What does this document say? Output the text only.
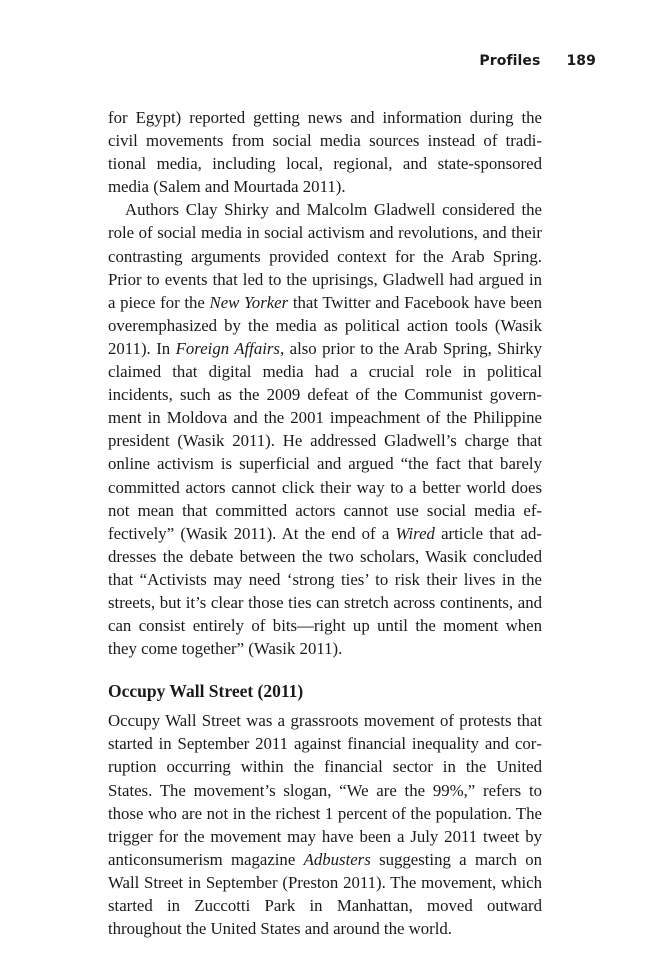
Profiles 189

for Egypt) reported getting news and information during the civil movements from social media sources instead of traditional media, including local, regional, and state-sponsored media (Salem and Mourtada 2011).

Authors Clay Shirky and Malcolm Gladwell considered the role of social media in social activism and revolutions, and their contrasting arguments provided context for the Arab Spring. Prior to events that led to the uprisings, Gladwell had argued in a piece for the New Yorker that Twitter and Facebook have been overemphasized by the media as political action tools (Wasik 2011). In Foreign Affairs, also prior to the Arab Spring, Shirky claimed that digital media had a crucial role in political incidents, such as the 2009 defeat of the Communist government in Moldova and the 2001 impeachment of the Philippine president (Wasik 2011). He addressed Gladwell’s charge that online activism is superficial and argued “the fact that barely committed actors cannot click their way to a better world does not mean that committed actors cannot use social media effectively” (Wasik 2011). At the end of a Wired article that addresses the debate between the two scholars, Wasik concluded that “Activists may need ‘strong ties’ to risk their lives in the streets, but it’s clear those ties can stretch across continents, and can consist entirely of bits—right up until the moment when they come together” (Wasik 2011).

Occupy Wall Street (2011)

Occupy Wall Street was a grassroots movement of protests that started in September 2011 against financial inequality and corruption occurring within the financial sector in the United States. The movement’s slogan, “We are the 99%,” refers to those who are not in the richest 1 percent of the population. The trigger for the movement may have been a July 2011 tweet by anticonsumerism magazine Adbusters suggesting a march on Wall Street in September (Preston 2011). The movement, which started in Zuccotti Park in Manhattan, moved outward throughout the United States and around the world.
